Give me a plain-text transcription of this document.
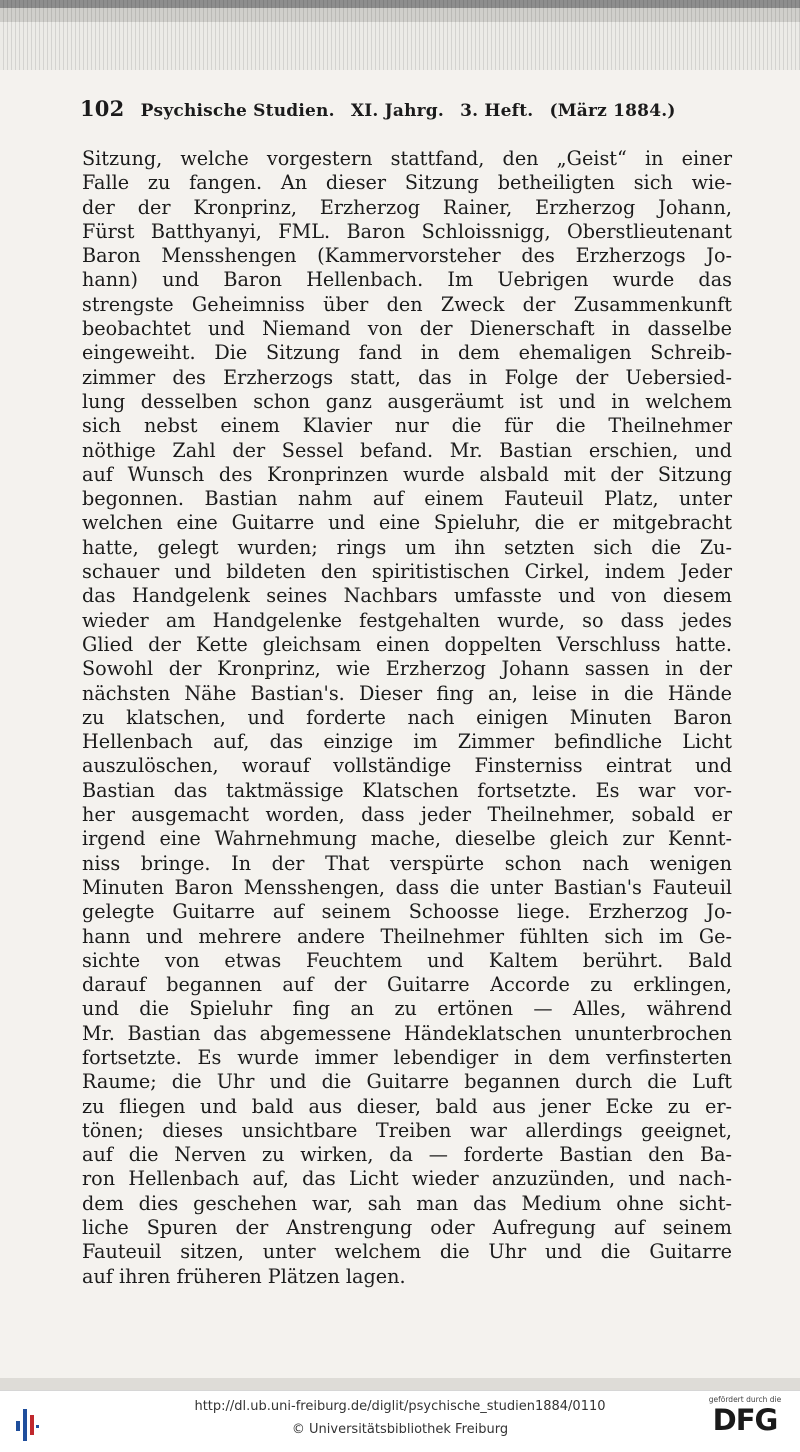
102 Psychische Studien. XI. Jahrg. 3. Heft. (März 1884.)
Sitzung, welche vorgestern stattfand, den „Geist“ in einer
Falle zu fangen. An dieser Sitzung betheiligten sich wie-
der der Kronprinz, Erzherzog Rainer, Erzherzog Johann,
Fürst Batthyanyi, FML. Baron Schloissnigg, Oberstlieutenant
Baron Mensshengen (Kammervorsteher des Erzherzogs Jo-
hann) und Baron Hellenbach. Im Uebrigen wurde das
strengste Geheimniss über den Zweck der Zusammenkunft
beobachtet und Niemand von der Dienerschaft in dasselbe
eingeweiht. Die Sitzung fand in dem ehemaligen Schreib-
zimmer des Erzherzogs statt, das in Folge der Uebersied-
lung desselben schon ganz ausgeräumt ist und in welchem
sich nebst einem Klavier nur die für die Theilnehmer
nöthige Zahl der Sessel befand. Mr. Bastian erschien, und
auf Wunsch des Kronprinzen wurde alsbald mit der Sitzung
begonnen. Bastian nahm auf einem Fauteuil Platz, unter
welchen eine Guitarre und eine Spieluhr, die er mitgebracht
hatte, gelegt wurden; rings um ihn setzten sich die Zu-
schauer und bildeten den spiritistischen Cirkel, indem Jeder
das Handgelenk seines Nachbars umfasste und von diesem
wieder am Handgelenke festgehalten wurde, so dass jedes
Glied der Kette gleichsam einen doppelten Verschluss hatte.
Sowohl der Kronprinz, wie Erzherzog Johann sassen in der
nächsten Nähe Bastian's. Dieser fing an, leise in die Hände
zu klatschen, und forderte nach einigen Minuten Baron
Hellenbach auf, das einzige im Zimmer befindliche Licht
auszulöschen, worauf vollständige Finsterniss eintrat und
Bastian das taktmässige Klatschen fortsetzte. Es war vor-
her ausgemacht worden, dass jeder Theilnehmer, sobald er
irgend eine Wahrnehmung mache, dieselbe gleich zur Kennt-
niss bringe. In der That verspürte schon nach wenigen
Minuten Baron Mensshengen, dass die unter Bastian's Fauteuil
gelegte Guitarre auf seinem Schoosse liege. Erzherzog Jo-
hann und mehrere andere Theilnehmer fühlten sich im Ge-
sichte von etwas Feuchtem und Kaltem berührt. Bald
darauf begannen auf der Guitarre Accorde zu erklingen,
und die Spieluhr fing an zu ertönen — Alles, während
Mr. Bastian das abgemessene Händeklatschen ununterbrochen
fortsetzte. Es wurde immer lebendiger in dem verfinsterten
Raume; die Uhr und die Guitarre begannen durch die Luft
zu fliegen und bald aus dieser, bald aus jener Ecke zu er-
tönen; dieses unsichtbare Treiben war allerdings geeignet,
auf die Nerven zu wirken, da — forderte Bastian den Ba-
ron Hellenbach auf, das Licht wieder anzuzünden, und nach-
dem dies geschehen war, sah man das Medium ohne sicht-
liche Spuren der Anstrengung oder Aufregung auf seinem
Fauteuil sitzen, unter welchem die Uhr und die Guitarre
auf ihren früheren Plätzen lagen.
http://dl.ub.uni-freiburg.de/diglit/psychische_studien1884/0110
© Universitätsbibliothek Freiburg
gefördert durch die
DFG
